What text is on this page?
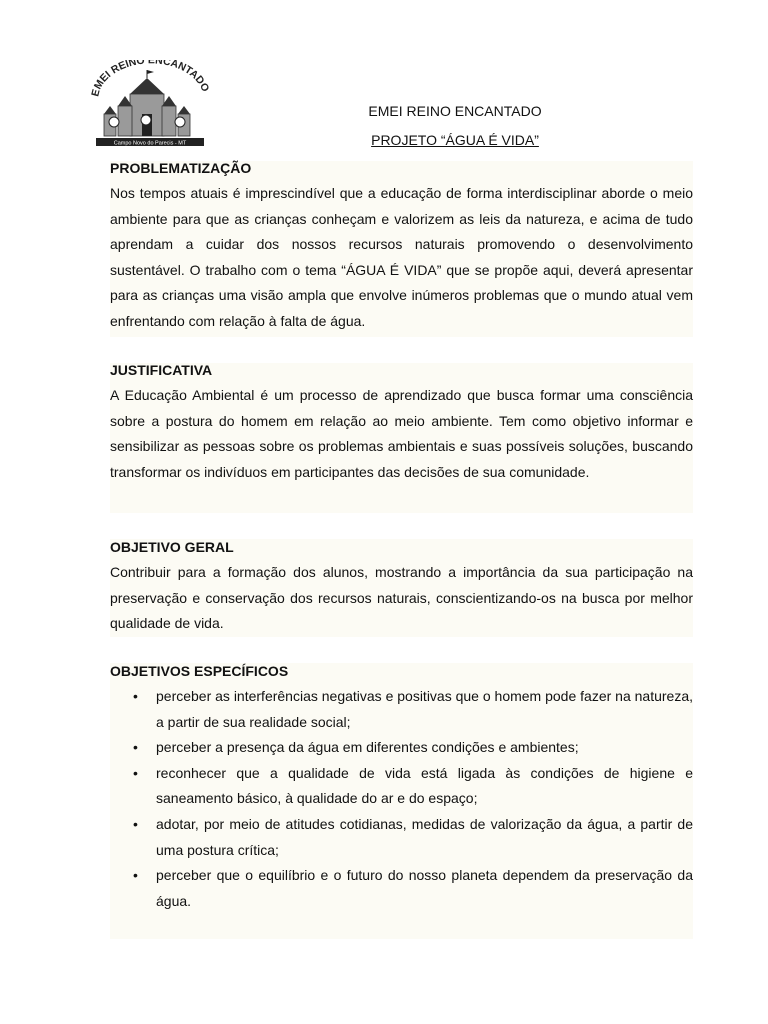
EMEI REINO ENCANTADO
Campo Novo do Parecis - MT
EMEI REINO ENCANTADO
PROJETO “ÁGUA É VIDA”
PROBLEMATIZAÇÃO

Nos tempos atuais é imprescindível que a educação de forma interdisciplinar aborde o meio ambiente para que as crianças conheçam e valorizem as leis da natureza, e acima de tudo aprendam a cuidar dos nossos recursos naturais promovendo o desenvolvimento sustentável. O trabalho com o tema “ÁGUA É VIDA” que se propõe aqui, deverá apresentar para as crianças uma visão ampla que envolve inúmeros problemas que o mundo atual vem enfrentando com relação à falta de água.

JUSTIFICATIVA

A Educação Ambiental é um processo de aprendizado que busca formar uma consciência sobre a postura do homem em relação ao meio ambiente. Tem como objetivo informar e sensibilizar as pessoas sobre os problemas ambientais e suas possíveis soluções, buscando transformar os indivíduos em participantes das decisões de sua comunidade.

OBJETIVO GERAL

Contribuir para a formação dos alunos, mostrando a importância da sua participação na preservação e conservação dos recursos naturais, conscientizando-os na busca por melhor qualidade de vida.

OBJETIVOS ESPECÍFICOS
• perceber as interferências negativas e positivas que o homem pode fazer na natureza, a partir de sua realidade social;
• perceber a presença da água em diferentes condições e ambientes;
• reconhecer que a qualidade de vida está ligada às condições de higiene e saneamento básico, à qualidade do ar e do espaço;
• adotar, por meio de atitudes cotidianas, medidas de valorização da água, a partir de uma postura crítica;
• perceber que o equilíbrio e o futuro do nosso planeta dependem da preservação da água.
